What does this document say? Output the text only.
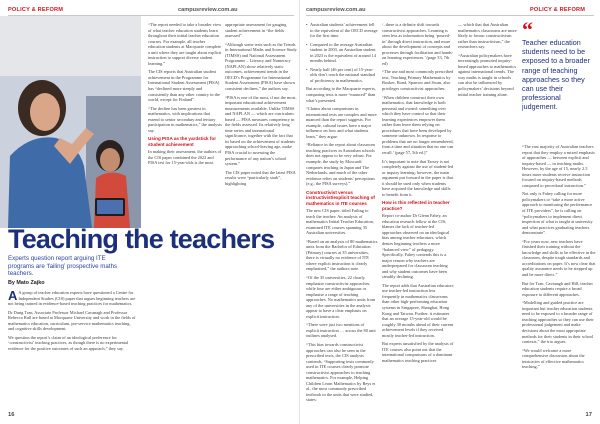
POLICY & REFORM	campusreview.com.au

“The report needed to take a broader view of what teacher education students learn throughout their initial teacher education courses. For example, all teacher education students at Macquarie complete a unit where they are taught about explicit instruction to support diverse student learning.”

The CIS reports that Australian student achievement in the Programme for International Student Assessment (PISA) has “declined more steeply and consistently than any other country in the world, except for Finland”.

“The decline has been greatest in mathematics, with implications that extend to senior secondary and tertiary participation in mathematics,” the analysts say.

Using PISA as the yardstick for student achievement

In making their assessment, the authors of the CIS paper combined the 2022 and PISA test for 15-year-olds is the most

appropriate assessment for gauging student achievement in “the fields assessed”.

“Although some tests such as the Trends in International Maths and Science Study (TIMSS) and National Assessment Programme – Literacy and Numeracy (NAPLAN) show relatively static outcomes, achievement trends in the OECD’s Programme for International Student Assessment (PISA) have shown consistent declines,” the authors say.

“PISA is one of the most, if not the most, important educational achievement measurements available. Unlike TIMSS and NAPLAN — which are curriculum based — PISA measures competency in the fields assessed. Its relatively long time series and international significance, together with the fact that its based on the achievement of students approaching school-leaving age, make PISA crucial to assessing the performance of any nation’s school system.”

The CIS paper noted that the latest PISA results were “particularly stark”, highlighting

Teaching the teachers
Experts question report arguing ITE programs are ‘failing’ prospective maths teachers.
By Mato Zajko

A A group of teacher education experts have questioned a Centre for Independent Studies (CIS) paper that argues beginning teachers are not being trained in evidence-based teaching practices for mathematics.

Dr Dung Tran, Associate Professor Michael Cavanagh and Professor Rebecca Bull are based at Macquarie University and work in the fields of mathematics education, curriculum, pre-service mathematics teaching, and cognitive skills development.

We question the report’s claim of an ideological preference for ‘constructivist’ teaching practices, as though there is no experimental evidence for the positive outcomes of such an approach,” they say.

16
campusreview.com.au	POLICY & REFORM
• Australian students’ achievement fell to the equivalent of the OECD average for the first time.
• Compared to the average Australian student in 2003, an Australian student in 2023 is the equivalent of around 14 months behind.
• Nearly half (46 per cent) of 15-year-olds don’t reach the national standard of proficiency in mathematics.

But according to the Macquarie experts, comparing tests is more “nuanced” than what’s presented.

“Claims about comparisons in international tests are complex and more nuanced than the report suggests. For example, cultural issues have a major influence on how and what students learn,” they argue.

“Reliance in the report about classroom teaching practices in Australian schools does not appear to be very robust. For example, the study by Moscardi compares teaching in Japan and The Netherlands, and much of the other evidence relies on students’ perceptions (e.g., the PISA surveys).”

Constructivist versus instructivist/explicit teaching of mathematics in ITE courses

The new CIS paper, titled Failing to teach the teacher: An analysis of mathematics Initial Teacher Education, examined ITE courses spanning 35 Australian universities.

“Based on an analysis of 80 mathematics units from the Bachelor of Education (Primary) courses at 35 universities, there is virtually no evidence of ITE where explicit instruction is clearly emphasised,” the authors note.

“Of the 35 universities, 22 clearly emphasise constructivist approaches, while four are either ambiguous or emphasise a range of teaching approaches. No mathematics units from any of the universities in the analysis appear to have a clear emphasis on explicit instruction.

“There were just two mentions of explicit instruction … across the 80 unit outlines analysed.

“This bias towards constructivist approaches can also be seen in the prescribed texts, the CIS analysts contends. “Supporting texts commonly used in ITE courses clearly promote constructivist approaches to teaching mathematics. For example, Helping Children Learn Mathematics by Reys et al., the most commonly prescribed textbook in the units that were studied, states:

‘..there is a definite shift towards constructivist approaches. Learning is seen less as information being ‘poured-in’ through direct instruction, and more about the development of concepts and processes through facilitation and hands-on learning experiences.’ (page 33, 7th ed)

“The use and most commonly prescribed text, Teaching Primary Mathematics by Booker, Bond, Sparrow and Swan, also privileges constructivist approaches:

‘When children construct their own mathematics, that knowledge is both personal and owned: something over which they have control so that their learning experiences empower them rather than leave them relying on procedures that have been developed by someone unknown. In response to problems that are no longer remembered, from a time and situation that no one can recall.’ (page 57, 5th ed.)”

It’s important to note that Tarsey is not completely against the use of student-led or inquiry learning; however, the main argument put forward in the paper is that it should be used only when students have acquired the knowledge and skills to benefit from it.

How is this reflected in teacher practice?

Report co-author Dr Glenn Fahey, an education research fellow at the CIS, blames the lack of teacher-led approaches observed on an ideological bias among teacher educators, which denies beginning teachers a more “balanced view” of pedagogy. Specifically, Fahey contends this is a major reason why teachers are underprepared for classroom teaching and why student outcomes have been steadily declining.

The report adds that Australian educators use teacher-led instruction less frequently in mathematics classrooms than other high-performing education systems in Singapore, Shanghai, Hong Kong and Taiwan. Further, it estimates that an average 15-year-old would be roughly 30 months ahead of their current achievement levels if they received mostly teacher-led instruction.

But experts unsatisfied by the analysis of ITE courses also point out that the international comparisons of a dominant mathematics teaching practices

— which that that Australian mathematics classrooms are more likely to favour constructivism rather than instructivism,” the researchers say.

“Australian policymakers have increasingly promoted inquiry-based approaches to mathematics against international trends. The way maths is taught in schools can also be influenced by policymakers’ decisions beyond initial teacher training alone.

“
Teacher education students need to be exposed to a broader range of teaching approaches so they can use their professional judgement.

“The vast majority of Australian teachers report that they employ a mixed emphasis of approaches — between explicit and inquiry-based — in teaching maths. However, by the age of 15, nearly 2.5 times more students receive instruction focused on inquiry-based methods compared to procedural instruction.”

Not only is Fahey calling for more policymakers to “take a more active approach to monitoring the performance of ITE providers”, he is calling on “policymakers to implement direct inspection of what is taught at university and what practices graduating teachers demonstrate”.

“For years now, new teachers have finished their training without the knowledge and skills to be effective in the classroom, despite tough standards and accreditations on paper. It’s now clear that quality assurance needs to be stepped up and be more direct.”

But for Tran, Cavanagh and Hill, teacher education students require a broad exposure to different approaches.

“Modelling and guided practice are important but teacher education students need to be exposed to a broader range of teaching approaches so they can use their professional judgement and make decisions about the most appropriate methods for their students in their school contexts,” the trio argues.

“We would welcome a more comprehensive discussion about the intricacies of effective mathematics teaching.”

17
